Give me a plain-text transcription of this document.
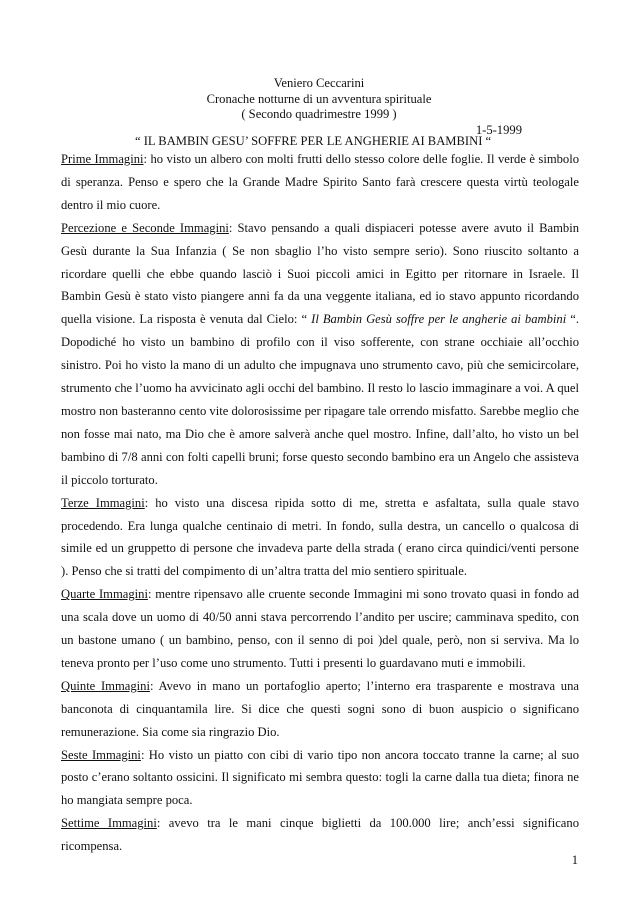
Veniero Ceccarini
Cronache notturne di un avventura spirituale
( Secondo quadrimestre 1999 )
1-5-1999
“ IL BAMBIN GESU’ SOFFRE PER LE ANGHERIE AI BAMBINI “

Prime Immagini: ho visto un albero con molti frutti dello stesso colore delle foglie. Il verde è simbolo di speranza. Penso e spero che la Grande Madre Spirito Santo farà crescere questa virtù teologale dentro il mio cuore.

Percezione e Seconde Immagini: Stavo pensando a quali dispiaceri potesse avere avuto il Bambin Gesù durante la Sua Infanzia ( Se non sbaglio l’ho visto sempre serio). Sono riuscito soltanto a ricordare quelli che ebbe quando lasciò i Suoi piccoli amici in Egitto per ritornare in Israele. Il Bambin Gesù è stato visto piangere anni fa da una veggente italiana, ed io stavo appunto ricordando quella visione. La risposta è venuta dal Cielo: “ Il Bambin Gesù soffre per le angherie ai bambini “. Dopodiché ho visto un bambino di profilo con il viso sofferente, con strane occhiaie all’occhio sinistro. Poi ho visto la mano di un adulto che impugnava uno strumento cavo, più che semicircolare, strumento che l’uomo ha avvicinato agli occhi del bambino. Il resto lo lascio immaginare a voi. A quel mostro non basteranno cento vite dolorosissime per ripagare tale orrendo misfatto. Sarebbe meglio che non fosse mai nato, ma Dio che è amore salverà anche quel mostro. Infine, dall’alto, ho visto un bel bambino di 7/8 anni con folti capelli bruni; forse questo secondo bambino era un Angelo che assisteva il piccolo torturato.

Terze Immagini: ho visto una discesa ripida sotto di me, stretta e asfaltata, sulla quale stavo procedendo. Era lunga qualche centinaio di metri. In fondo, sulla destra, un cancello o qualcosa di simile ed un gruppetto di persone che invadeva parte della strada ( erano circa quindici/venti persone ). Penso che si tratti del compimento di un’altra tratta del mio sentiero spirituale.

Quarte Immagini: mentre ripensavo alle cruente seconde Immagini mi sono trovato quasi in fondo ad una scala dove un uomo di 40/50 anni stava percorrendo l’andito per uscire; camminava spedito, con un bastone umano ( un bambino, penso, con il senno di poi )del quale, però, non si serviva. Ma lo teneva pronto per l’uso come uno strumento. Tutti i presenti lo guardavano muti e immobili.

Quinte Immagini: Avevo in mano un portafoglio aperto; l’interno era trasparente e mostrava una banconota di cinquantamila lire. Si dice che questi sogni sono di buon auspicio o significano remunerazione. Sia come sia ringrazio Dio.

Seste Immagini: Ho visto un piatto con cibi di vario tipo non ancora toccato tranne la carne; al suo posto c’erano soltanto ossicini. Il significato mi sembra questo: togli la carne dalla tua dieta; finora ne ho mangiata sempre poca.

Settime Immagini: avevo tra le mani cinque biglietti da 100.000 lire; anch’essi significano ricompensa.

1
